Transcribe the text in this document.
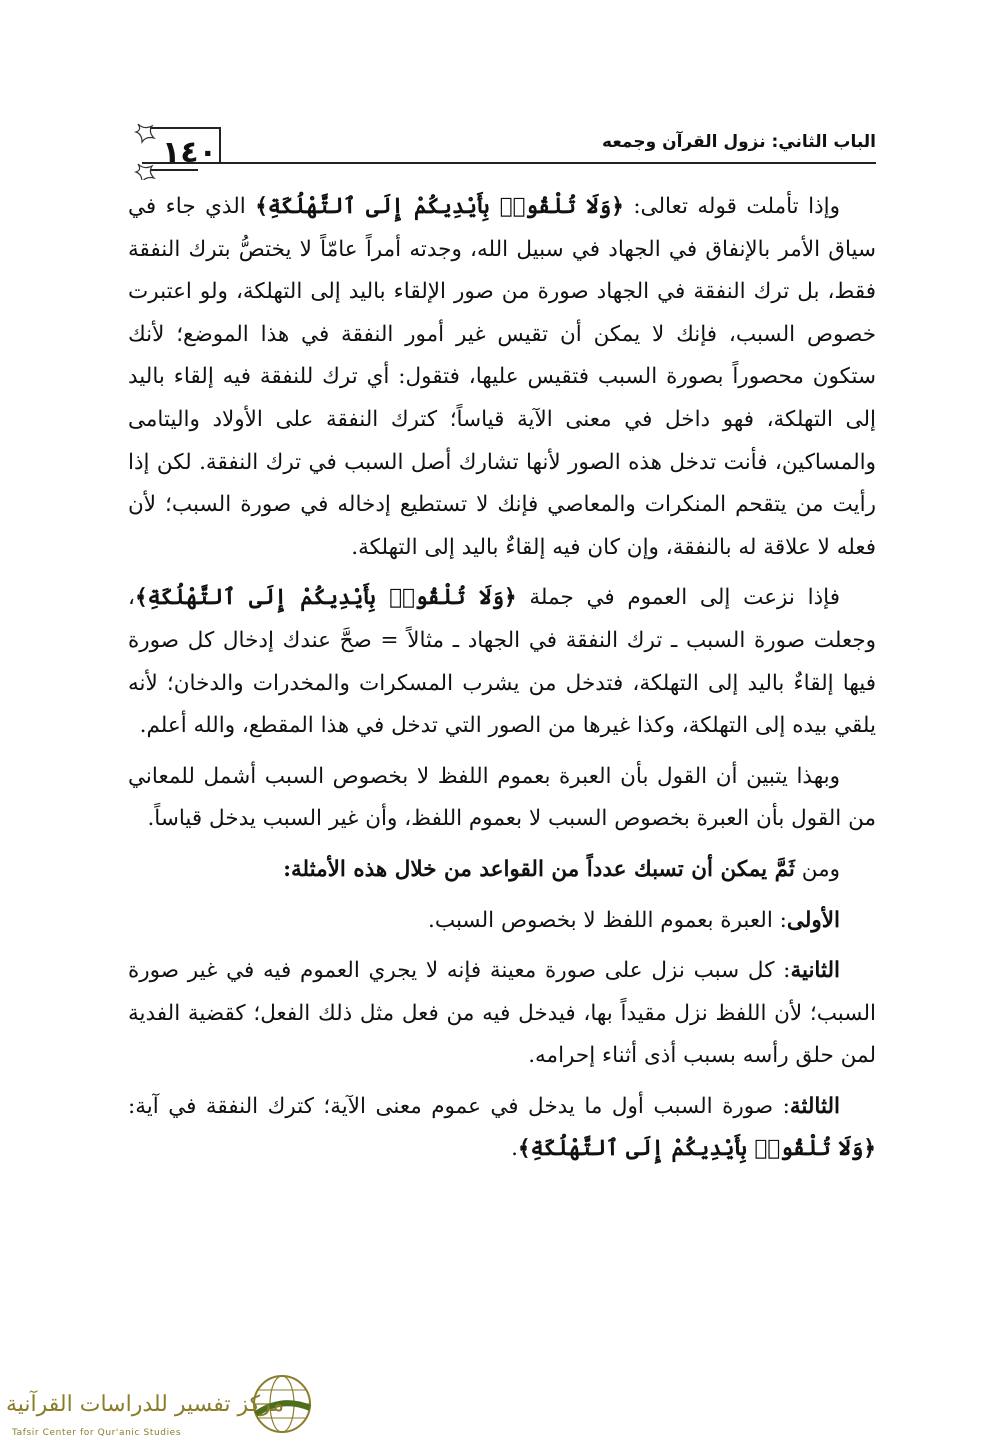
١٤٠	الباب الثاني: نزول القرآن وجمعه

وإذا تأملت قوله تعالى: ﴿وَلَا تُلْقُوا۟ بِأَيْدِيكُمْ إِلَى ٱلتَّهْلُكَةِ﴾ الذي جاء في سياق الأمر بالإنفاق في الجهاد في سبيل الله، وجدته أمراً عامّاً لا يختصُّ بترك النفقة فقط، بل ترك النفقة في الجهاد صورة من صور الإلقاء باليد إلى التهلكة، ولو اعتبرت خصوص السبب، فإنك لا يمكن أن تقيس غير أمور النفقة في هذا الموضع؛ لأنك ستكون محصوراً بصورة السبب فتقيس عليها، فتقول: أي ترك للنفقة فيه إلقاء باليد إلى التهلكة، فهو داخل في معنى الآية قياساً؛ كترك النفقة على الأولاد واليتامى والمساكين، فأنت تدخل هذه الصور لأنها تشارك أصل السبب في ترك النفقة. لكن إذا رأيت من يتقحم المنكرات والمعاصي فإنك لا تستطيع إدخاله في صورة السبب؛ لأن فعله لا علاقة له بالنفقة، وإن كان فيه إلقاءٌ باليد إلى التهلكة.

فإذا نزعت إلى العموم في جملة ﴿وَلَا تُلْقُوا۟ بِأَيْدِيكُمْ إِلَى ٱلتَّهْلُكَةِ﴾، وجعلت صورة السبب ـ ترك النفقة في الجهاد ـ مثالاً = صحَّ عندك إدخال كل صورة فيها إلقاءٌ باليد إلى التهلكة، فتدخل من يشرب المسكرات والمخدرات والدخان؛ لأنه يلقي بيده إلى التهلكة، وكذا غيرها من الصور التي تدخل في هذا المقطع، والله أعلم.

وبهذا يتبين أن القول بأن العبرة بعموم اللفظ لا بخصوص السبب أشمل للمعاني من القول بأن العبرة بخصوص السبب لا بعموم اللفظ، وأن غير السبب يدخل قياساً.

ومن ثَمَّ يمكن أن تسبك عدداً من القواعد من خلال هذه الأمثلة:

الأولى: العبرة بعموم اللفظ لا بخصوص السبب.

الثانية: كل سبب نزل على صورة معينة فإنه لا يجري العموم فيه في غير صورة السبب؛ لأن اللفظ نزل مقيداً بها، فيدخل فيه من فعل مثل ذلك الفعل؛ كقضية الفدية لمن حلق رأسه بسبب أذى أثناء إحرامه.

الثالثة: صورة السبب أول ما يدخل في عموم معنى الآية؛ كترك النفقة في آية: ﴿وَلَا تُلْقُوا۟ بِأَيْدِيكُمْ إِلَى ٱلتَّهْلُكَةِ﴾.

مركز تفسير للدراسات القرآنية
Tafsir Center for Qur'anic Studies
